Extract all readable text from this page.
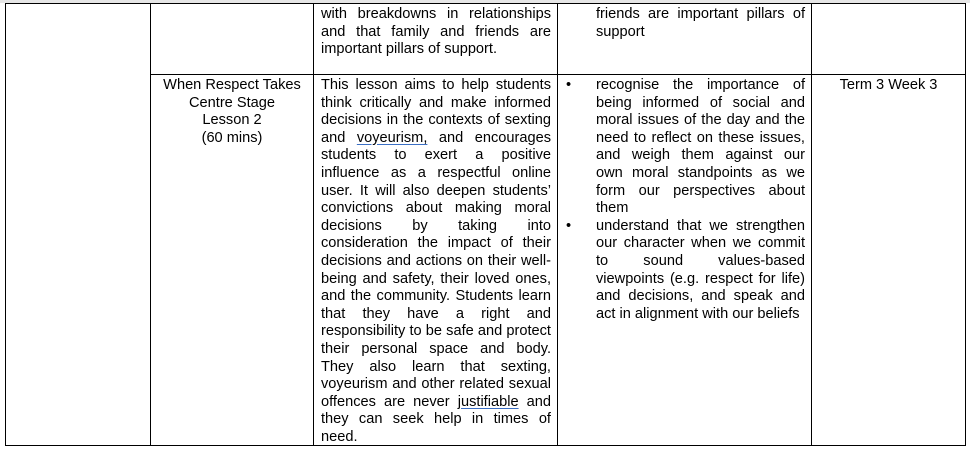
with breakdowns in relationships and that family and friends are important pillars of support.
friends are important pillars of support
When Respect Takes
Centre Stage
Lesson 2
(60 mins)
This lesson aims to help students think critically and make informed decisions in the contexts of sexting and voyeurism, and encourages students to exert a positive influence as a respectful online user. It will also deepen students’ convictions about making moral decisions by taking into consideration the impact of their decisions and actions on their well-being and safety, their loved ones, and the community. Students learn that they have a right and responsibility to be safe and protect their personal space and body. They also learn that sexting, voyeurism and other related sexual offences are never justifiable and they can seek help in times of need.
• recognise the importance of being informed of social and moral issues of the day and the need to reflect on these issues, and weigh them against our own moral standpoints as we form our perspectives about them
• understand that we strengthen our character when we commit to sound values-based viewpoints (e.g. respect for life) and decisions, and speak and act in alignment with our beliefs
Term 3 Week 3
